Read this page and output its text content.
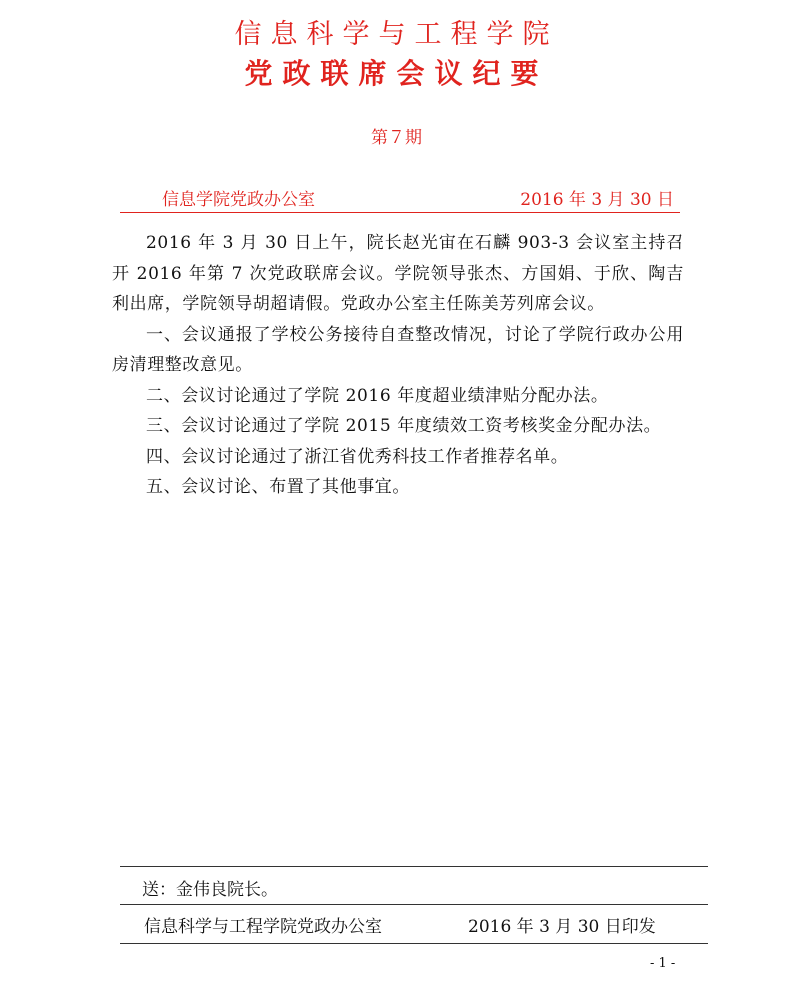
信息科学与工程学院
党政联席会议纪要
第７期
信息学院党政办公室	2016 年 3 月 30 日

2016 年 3 月 30 日上午，院长赵光宙在石麟 903-3 会议室主持召开 2016 年第 7 次党政联席会议。学院领导张杰、方国娟、于欣、陶吉利出席，学院领导胡超请假。党政办公室主任陈美芳列席会议。

一、会议通报了学校公务接待自查整改情况，讨论了学院行政办公用房清理整改意见。

二、会议讨论通过了学院 2016 年度超业绩津贴分配办法。

三、会议讨论通过了学院 2015 年度绩效工资考核奖金分配办法。

四、会议讨论通过了浙江省优秀科技工作者推荐名单。

五、会议讨论、布置了其他事宜。

送：金伟良院长。
信息科学与工程学院党政办公室	2016 年 3 月 30 日印发
- 1 -
